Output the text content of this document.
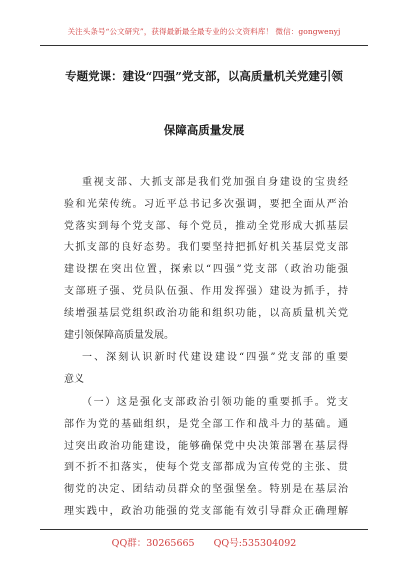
关注头条号“公文研究”，获得最新最全最专业的公文资料库！ 微信：gongwenyj
专题党课：建设“四强”党支部，以高质量机关党建引领
保障高质量发展
重视支部、大抓支部是我们党加强自身建设的宝贵经
验和光荣传统。习近平总书记多次强调，要把全面从严治
党落实到每个党支部、每个党员，推动全党形成大抓基层
大抓支部的良好态势。我们要坚持把抓好机关基层党支部
建设摆在突出位置，探索以“四强”党支部（政治功能强
支部班子强、党员队伍强、作用发挥强）建设为抓手，持
续增强基层党组织政治功能和组织功能，以高质量机关党
建引领保障高质量发展。
一、深刻认识新时代建设建设“四强”党支部的重要
意义
（一）这是强化支部政治引领功能的重要抓手。党支
部作为党的基础组织，是党全部工作和战斗力的基础。通
过突出政治功能建设，能够确保党中央决策部署在基层得
到不折不扣落实，使每个党支部都成为宣传党的主张、贯
彻党的决定、团结动员群众的坚强堡垒。特别是在基层治
理实践中，政治功能强的党支部能有效引导群众正确理解
QQ群：30265665 QQ号:535304092
